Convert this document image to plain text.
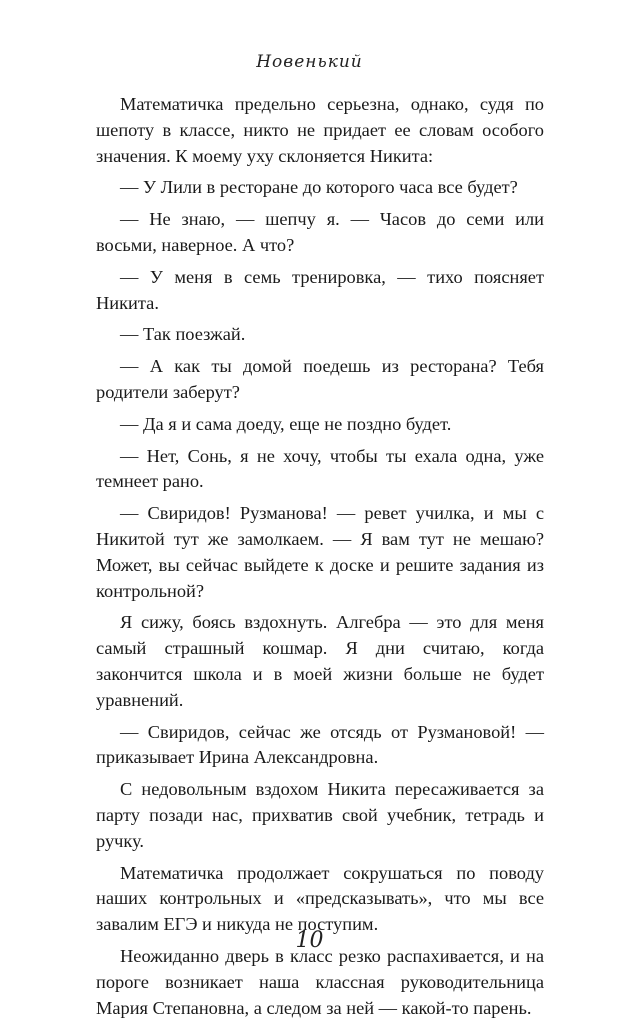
Новенький

Математичка предельно серьезна, однако, судя по шепоту в классе, никто не придает ее словам особого значения. К моему уху склоняется Никита:

— У Лили в ресторане до которого часа все будет?

— Не знаю, — шепчу я. — Часов до семи или восьми, наверное. А что?

— У меня в семь тренировка, — тихо поясняет Никита.

— Так поезжай.

— А как ты домой поедешь из ресторана? Тебя родители заберут?

— Да я и сама доеду, еще не поздно будет.

— Нет, Сонь, я не хочу, чтобы ты ехала одна, уже темнеет рано.

— Свиридов! Рузманова! — ревет училка, и мы с Никитой тут же замолкаем. — Я вам тут не мешаю? Может, вы сейчас выйдете к доске и решите задания из контрольной?

Я сижу, боясь вздохнуть. Алгебра — это для меня самый страшный кошмар. Я дни считаю, когда закончится школа и в моей жизни больше не будет уравнений.

— Свиридов, сейчас же отсядь от Рузмановой! — приказывает Ирина Александровна.

С недовольным вздохом Никита пересаживается за парту позади нас, прихватив свой учебник, тетрадь и ручку.

Математичка продолжает сокрушаться по поводу наших контрольных и «предсказывать», что мы все завалим ЕГЭ и никуда не поступим.

Неожиданно дверь в класс резко распахивается, и на пороге возникает наша классная руководительница Мария Степановна, а следом за ней — какой-то парень.

10
